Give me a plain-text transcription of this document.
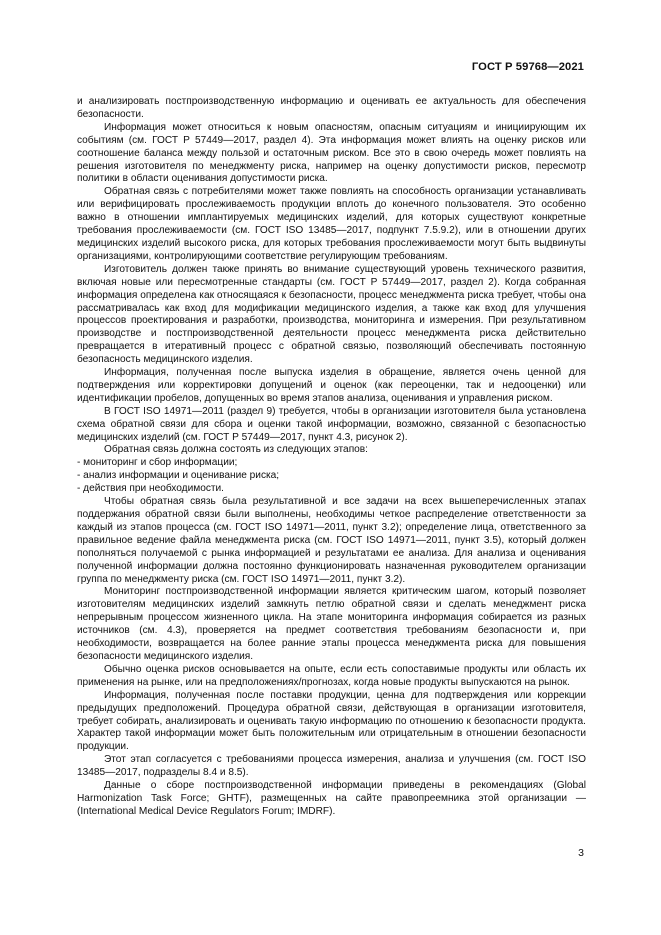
ГОСТ Р 59768—2021

и анализировать постпроизводственную информацию и оценивать ее актуальность для обеспечения безопасности.

Информация может относиться к новым опасностям, опасным ситуациям и инициирующим их событиям (см. ГОСТ Р 57449—2017, раздел 4). Эта информация может влиять на оценку рисков или соотношение баланса между пользой и остаточным риском. Все это в свою очередь может повлиять на решения изготовителя по менеджменту риска, например на оценку допустимости рисков, пересмотр политики в области оценивания допустимости риска.

Обратная связь с потребителями может также повлиять на способность организации устанавливать или верифицировать прослеживаемость продукции вплоть до конечного пользователя. Это особенно важно в отношении имплантируемых медицинских изделий, для которых существуют конкретные требования прослеживаемости (см. ГОСТ ISO 13485—2017, подпункт 7.5.9.2), или в отношении других медицинских изделий высокого риска, для которых требования прослеживаемости могут быть выдвинуты организациями, контролирующими соответствие регулирующим требованиям.

Изготовитель должен также принять во внимание существующий уровень технического развития, включая новые или пересмотренные стандарты (см. ГОСТ Р 57449—2017, раздел 2). Когда собранная информация определена как относящаяся к безопасности, процесс менеджмента риска требует, чтобы она рассматривалась как вход для модификации медицинского изделия, а также как вход для улучшения процессов проектирования и разработки, производства, мониторинга и измерения. При результативном производстве и постпроизводственной деятельности процесс менеджмента риска действительно превращается в итеративный процесс с обратной связью, позволяющий обеспечивать постоянную безопасность медицинского изделия.

Информация, полученная после выпуска изделия в обращение, является очень ценной для подтверждения или корректировки допущений и оценок (как переоценки, так и недооценки) или идентификации пробелов, допущенных во время этапов анализа, оценивания и управления риском.

В ГОСТ ISO 14971—2011 (раздел 9) требуется, чтобы в организации изготовителя была установлена схема обратной связи для сбора и оценки такой информации, возможно, связанной с безопасностью медицинских изделий (см. ГОСТ Р 57449—2017, пункт 4.3, рисунок 2).

Обратная связь должна состоять из следующих этапов:

- мониторинг и сбор информации;

- анализ информации и оценивание риска;

- действия при необходимости.

Чтобы обратная связь была результативной и все задачи на всех вышеперечисленных этапах поддержания обратной связи были выполнены, необходимы четкое распределение ответственности за каждый из этапов процесса (см. ГОСТ ISO 14971—2011, пункт 3.2); определение лица, ответственного за правильное ведение файла менеджмента риска (см. ГОСТ ISO 14971—2011, пункт 3.5), который должен пополняться получаемой с рынка информацией и результатами ее анализа. Для анализа и оценивания полученной информации должна постоянно функционировать назначенная руководителем организации группа по менеджменту риска (см. ГОСТ ISO 14971—2011, пункт 3.2).

Мониторинг постпроизводственной информации является критическим шагом, который позволяет изготовителям медицинских изделий замкнуть петлю обратной связи и сделать менеджмент риска непрерывным процессом жизненного цикла. На этапе мониторинга информация собирается из разных источников (см. 4.3), проверяется на предмет соответствия требованиям безопасности и, при необходимости, возвращается на более ранние этапы процесса менеджмента риска для повышения безопасности медицинского изделия.

Обычно оценка рисков основывается на опыте, если есть сопоставимые продукты или область их применения на рынке, или на предположениях/прогнозах, когда новые продукты выпускаются на рынок.

Информация, полученная после поставки продукции, ценна для подтверждения или коррекции предыдущих предположений. Процедура обратной связи, действующая в организации изготовителя, требует собирать, анализировать и оценивать такую информацию по отношению к безопасности продукта. Характер такой информации может быть положительным или отрицательным в отношении безопасности продукции.

Этот этап согласуется с требованиями процесса измерения, анализа и улучшения (см. ГОСТ ISO 13485—2017, подразделы 8.4 и 8.5).

Данные о сборе постпроизводственной информации приведены в рекомендациях (Global Harmonization Task Force; GHTF), размещенных на сайте правопреемника этой организации — (International Medical Device Regulators Forum; IMDRF).

3
